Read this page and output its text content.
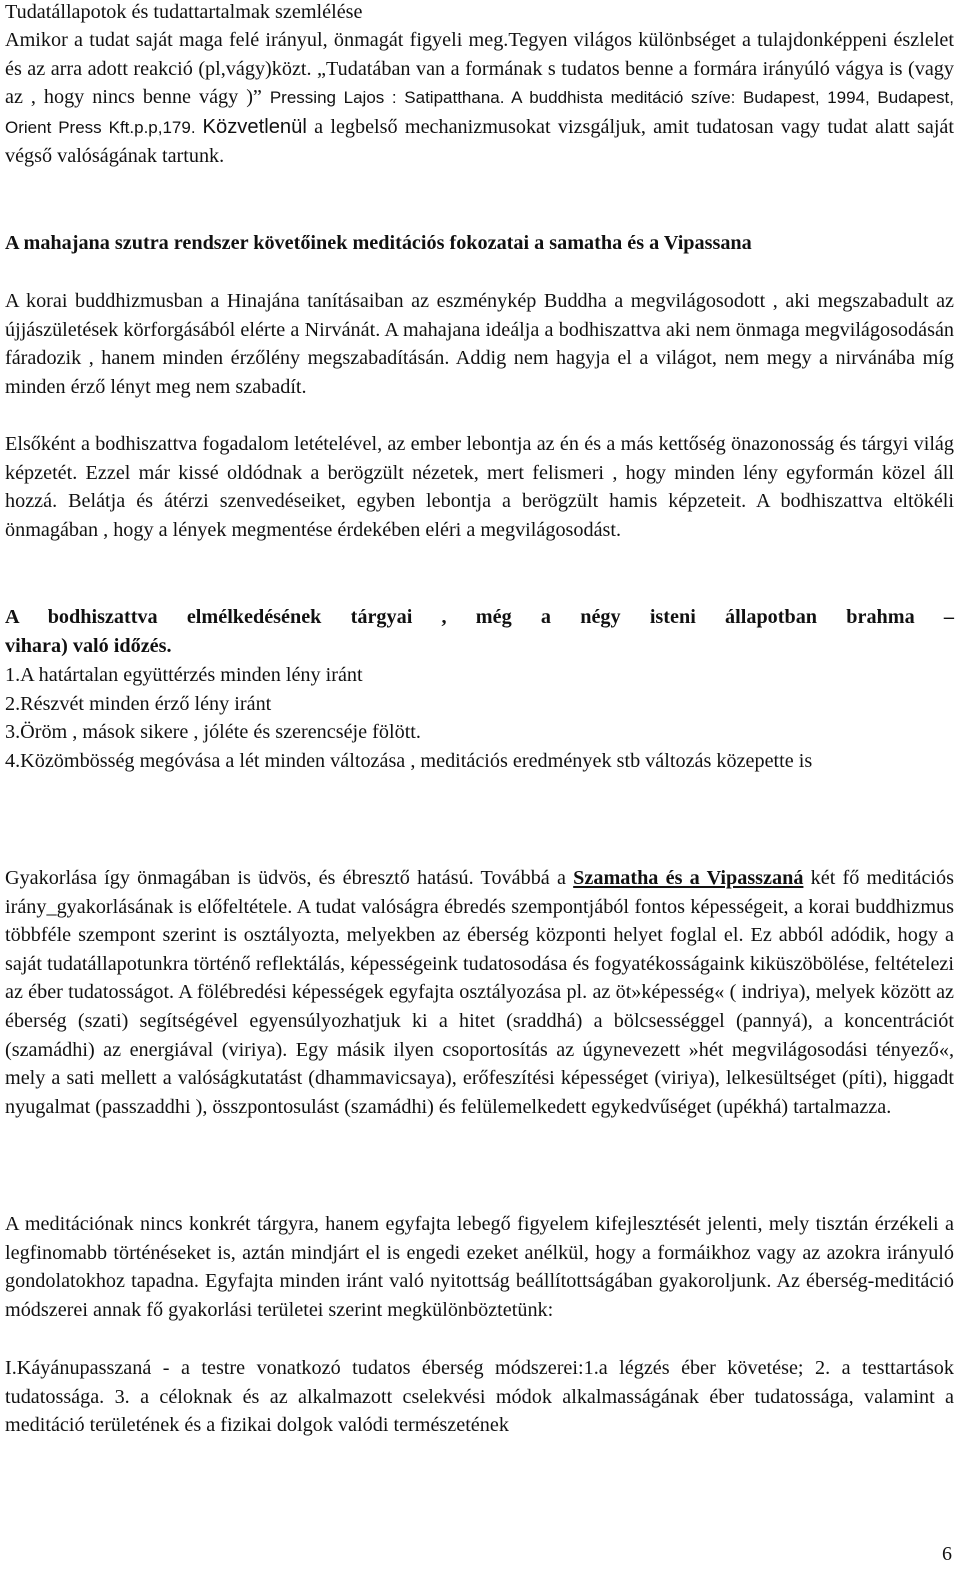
Tudatállapotok és tudattartalmak szemlélése

Amikor a tudat saját maga felé irányul, önmagát figyeli meg.Tegyen világos különbséget a tulajdonképpeni észlelet és az arra adott reakció (pl,vágy)közt. „Tudatában van a formának s tudatos benne a formára irányúló vágya is (vagy az , hogy nincs benne vágy )” Pressing Lajos : Satipatthana. A buddhista meditáció szíve: Budapest, 1994, Budapest, Orient Press Kft.p.p,179. Közvetlenül a legbelső mechanizmusokat vizsgáljuk, amit tudatosan vagy tudat alatt saját végső valóságának tartunk.

A mahajana szutra rendszer követőinek meditációs fokozatai a samatha és a Vipassana

A korai buddhizmusban a Hinajána tanításaiban az eszménykép Buddha a megvilágosodott , aki megszabadult az újjászületések körforgásából elérte a Nirvánát. A mahajana ideálja a bodhiszattva aki nem önmaga megvilágosodásán fáradozik , hanem minden érzőlény megszabadításán. Addig nem hagyja el a világot, nem megy a nirvánába míg minden érző lényt meg nem szabadít.

Elsőként a bodhiszattva fogadalom letételével, az ember lebontja az én és a más kettőség önazonosság és tárgyi világ képzetét. Ezzel már kissé oldódnak a berögzült nézetek, mert felismeri , hogy minden lény egyformán közel áll hozzá. Belátja és átérzi szenvedéseiket, egyben lebontja a berögzült hamis képzeteit. A bodhiszattva eltökéli önmagában , hogy a lények megmentése érdekében eléri a megvilágosodást.

A bodhiszattva elmélkedésének tárgyai , még a négy isteni állapotban brahma –
vihara) való időzés.
1.A határtalan együttérzés minden lény iránt
2.Részvét minden érző lény iránt
3.Öröm , mások sikere , jóléte és szerencséje fölött.

4.Közömbösség megóvása a lét minden változása , meditációs eredmények stb változás közepette is

Gyakorlása így önmagában is üdvös, és ébresztő hatású. Továbbá a Szamatha és a Vipasszaná két fő meditációs irány_gyakorlásának is előfeltétele. A tudat valóságra ébredés szempontjából fontos képességeit, a korai buddhizmus többféle szempont szerint is osztályozta, melyekben az éberség központi helyet foglal el. Ez abból adódik, hogy a saját tudatállapotunkra történő reflektálás, képességeink tudatosodása és fogyatékosságaink kiküszöbölése, feltételezi az éber tudatosságot. A fölébredési képességek egyfajta osztályozása pl. az öt»képesség« ( indriya), melyek között az éberség (szati) segítségével egyensúlyozhatjuk ki a hitet (sraddhá) a bölcsességgel (pannyá), a koncentrációt (szamádhi) az energiával (viriya). Egy másik ilyen csoportosítás az úgynevezett »hét megvilágosodási tényező«, mely a sati mellett a valóságkutatást (dhammavicsaya), erőfeszítési képességet (viriya), lelkesültséget (píti), higgadt nyugalmat (passzaddhi ), összpontosulást (szamádhi) és felülemelkedett egykedvűséget (upékhá) tartalmazza.

A meditációnak nincs konkrét tárgyra, hanem egyfajta lebegő figyelem kifejlesztését jelenti, mely tisztán érzékeli a legfinomabb történéseket is, aztán mindjárt el is engedi ezeket anélkül, hogy a formáikhoz vagy az azokra irányuló gondolatokhoz tapadna. Egyfajta minden iránt való nyitottság beállítottságában gyakoroljunk. Az éberség-meditáció módszerei annak fő gyakorlási területei szerint megkülönböztetünk:

I.Káyánupasszaná - a testre vonatkozó tudatos éberség módszerei:1.a légzés éber követése; 2. a testtartások tudatossága. 3. a céloknak és az alkalmazott cselekvési módok alkalmasságának éber tudatossága, valamint a meditáció területének és a fizikai dolgok valódi természetének

6
